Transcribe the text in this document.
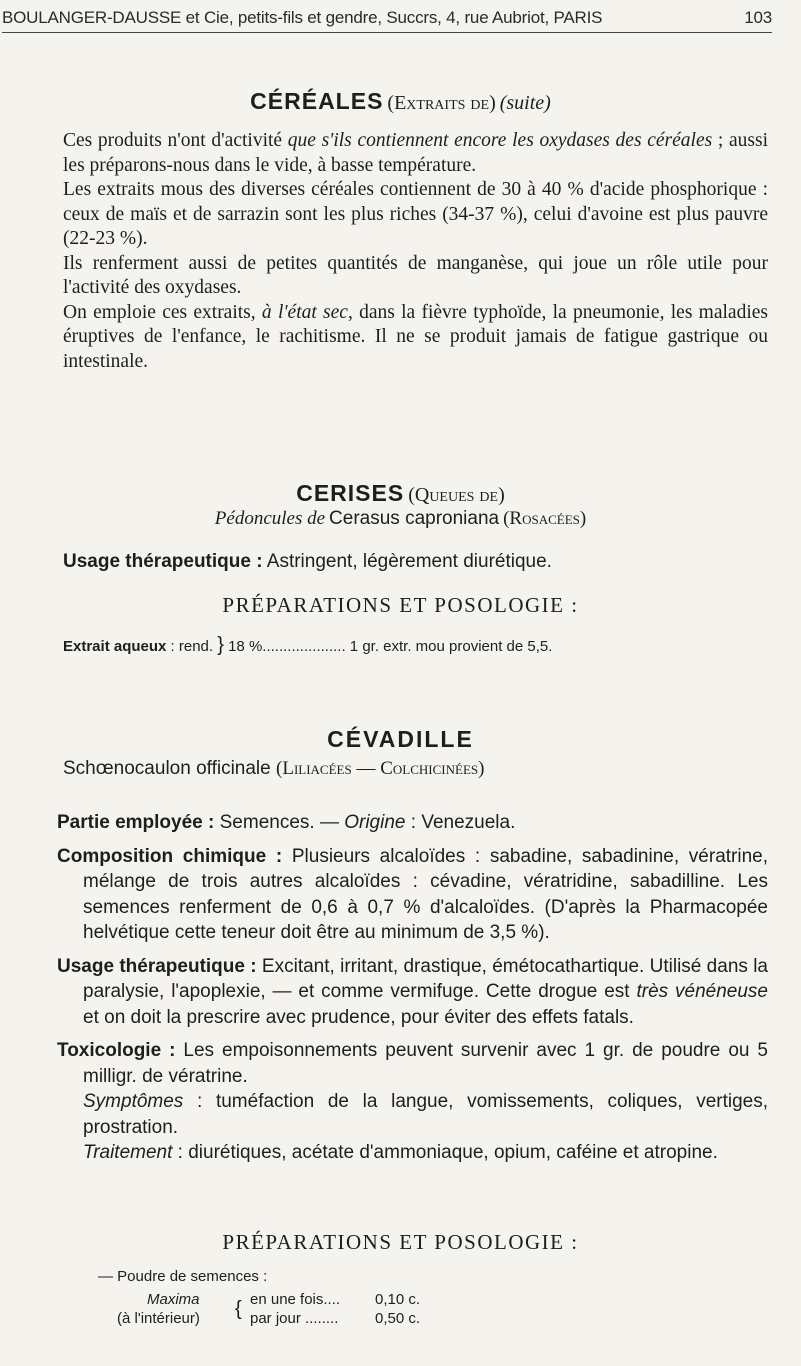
BOULANGER-DAUSSE et Cie, petits-fils et gendre, Succrs, 4, rue Aubriot, PARIS	103
CÉRÉALES (Extraits de) (suite)

Ces produits n'ont d'activité que s'ils contiennent encore les oxydases des céréales ; aussi les préparons-nous dans le vide, à basse température.

Les extraits mous des diverses céréales contiennent de 30 à 40 % d'acide phosphorique : ceux de maïs et de sarrazin sont les plus riches (34-37 %), celui d'avoine est plus pauvre (22-23 %).

Ils renferment aussi de petites quantités de manganèse, qui joue un rôle utile pour l'activité des oxydases.

On emploie ces extraits, à l'état sec, dans la fièvre typhoïde, la pneumonie, les maladies éruptives de l'enfance, le rachitisme. Il ne se produit jamais de fatigue gastrique ou intestinale.

CERISES (Queues de)
Pédoncules de Cerasus caproniana (Rosacées)
Usage thérapeutique : Astringent, légèrement diurétique.
PRÉPARATIONS ET POSOLOGIE :
Extrait aqueux : rend. } 18 %.................... 1 gr. extr. mou provient de 5,5.
CÉVADILLE
Schœnocaulon officinale (Liliacées — Colchicinées)
Partie employée : Semences. — Origine : Venezuela.
Composition chimique : Plusieurs alcaloïdes : sabadine, sabadinine, vératrine, mélange de trois autres alcaloïdes : cévadine, vératridine, sabadilline. Les semences renferment de 0,6 à 0,7 % d'alcaloïdes. (D'après la Pharmacopée helvétique cette teneur doit être au minimum de 3,5 %).
Usage thérapeutique : Excitant, irritant, drastique, émétocathartique. Utilisé dans la paralysie, l'apoplexie, — et comme vermifuge. Cette drogue est très vénéneuse et on doit la prescrire avec prudence, pour éviter des effets fatals.
Toxicologie : Les empoisonnements peuvent survenir avec 1 gr. de poudre ou 5 milligr. de vératrine.
Symptômes : tuméfaction de la langue, vomissements, coliques, vertiges, prostration.
Traitement : diurétiques, acétate d'ammoniaque, opium, caféine et atropine.
PRÉPARATIONS ET POSOLOGIE :
— Poudre de semences :
Maxima
(à l'intérieur) { en une fois.... 0,10 c.
par jour ........ 0,50 c.
